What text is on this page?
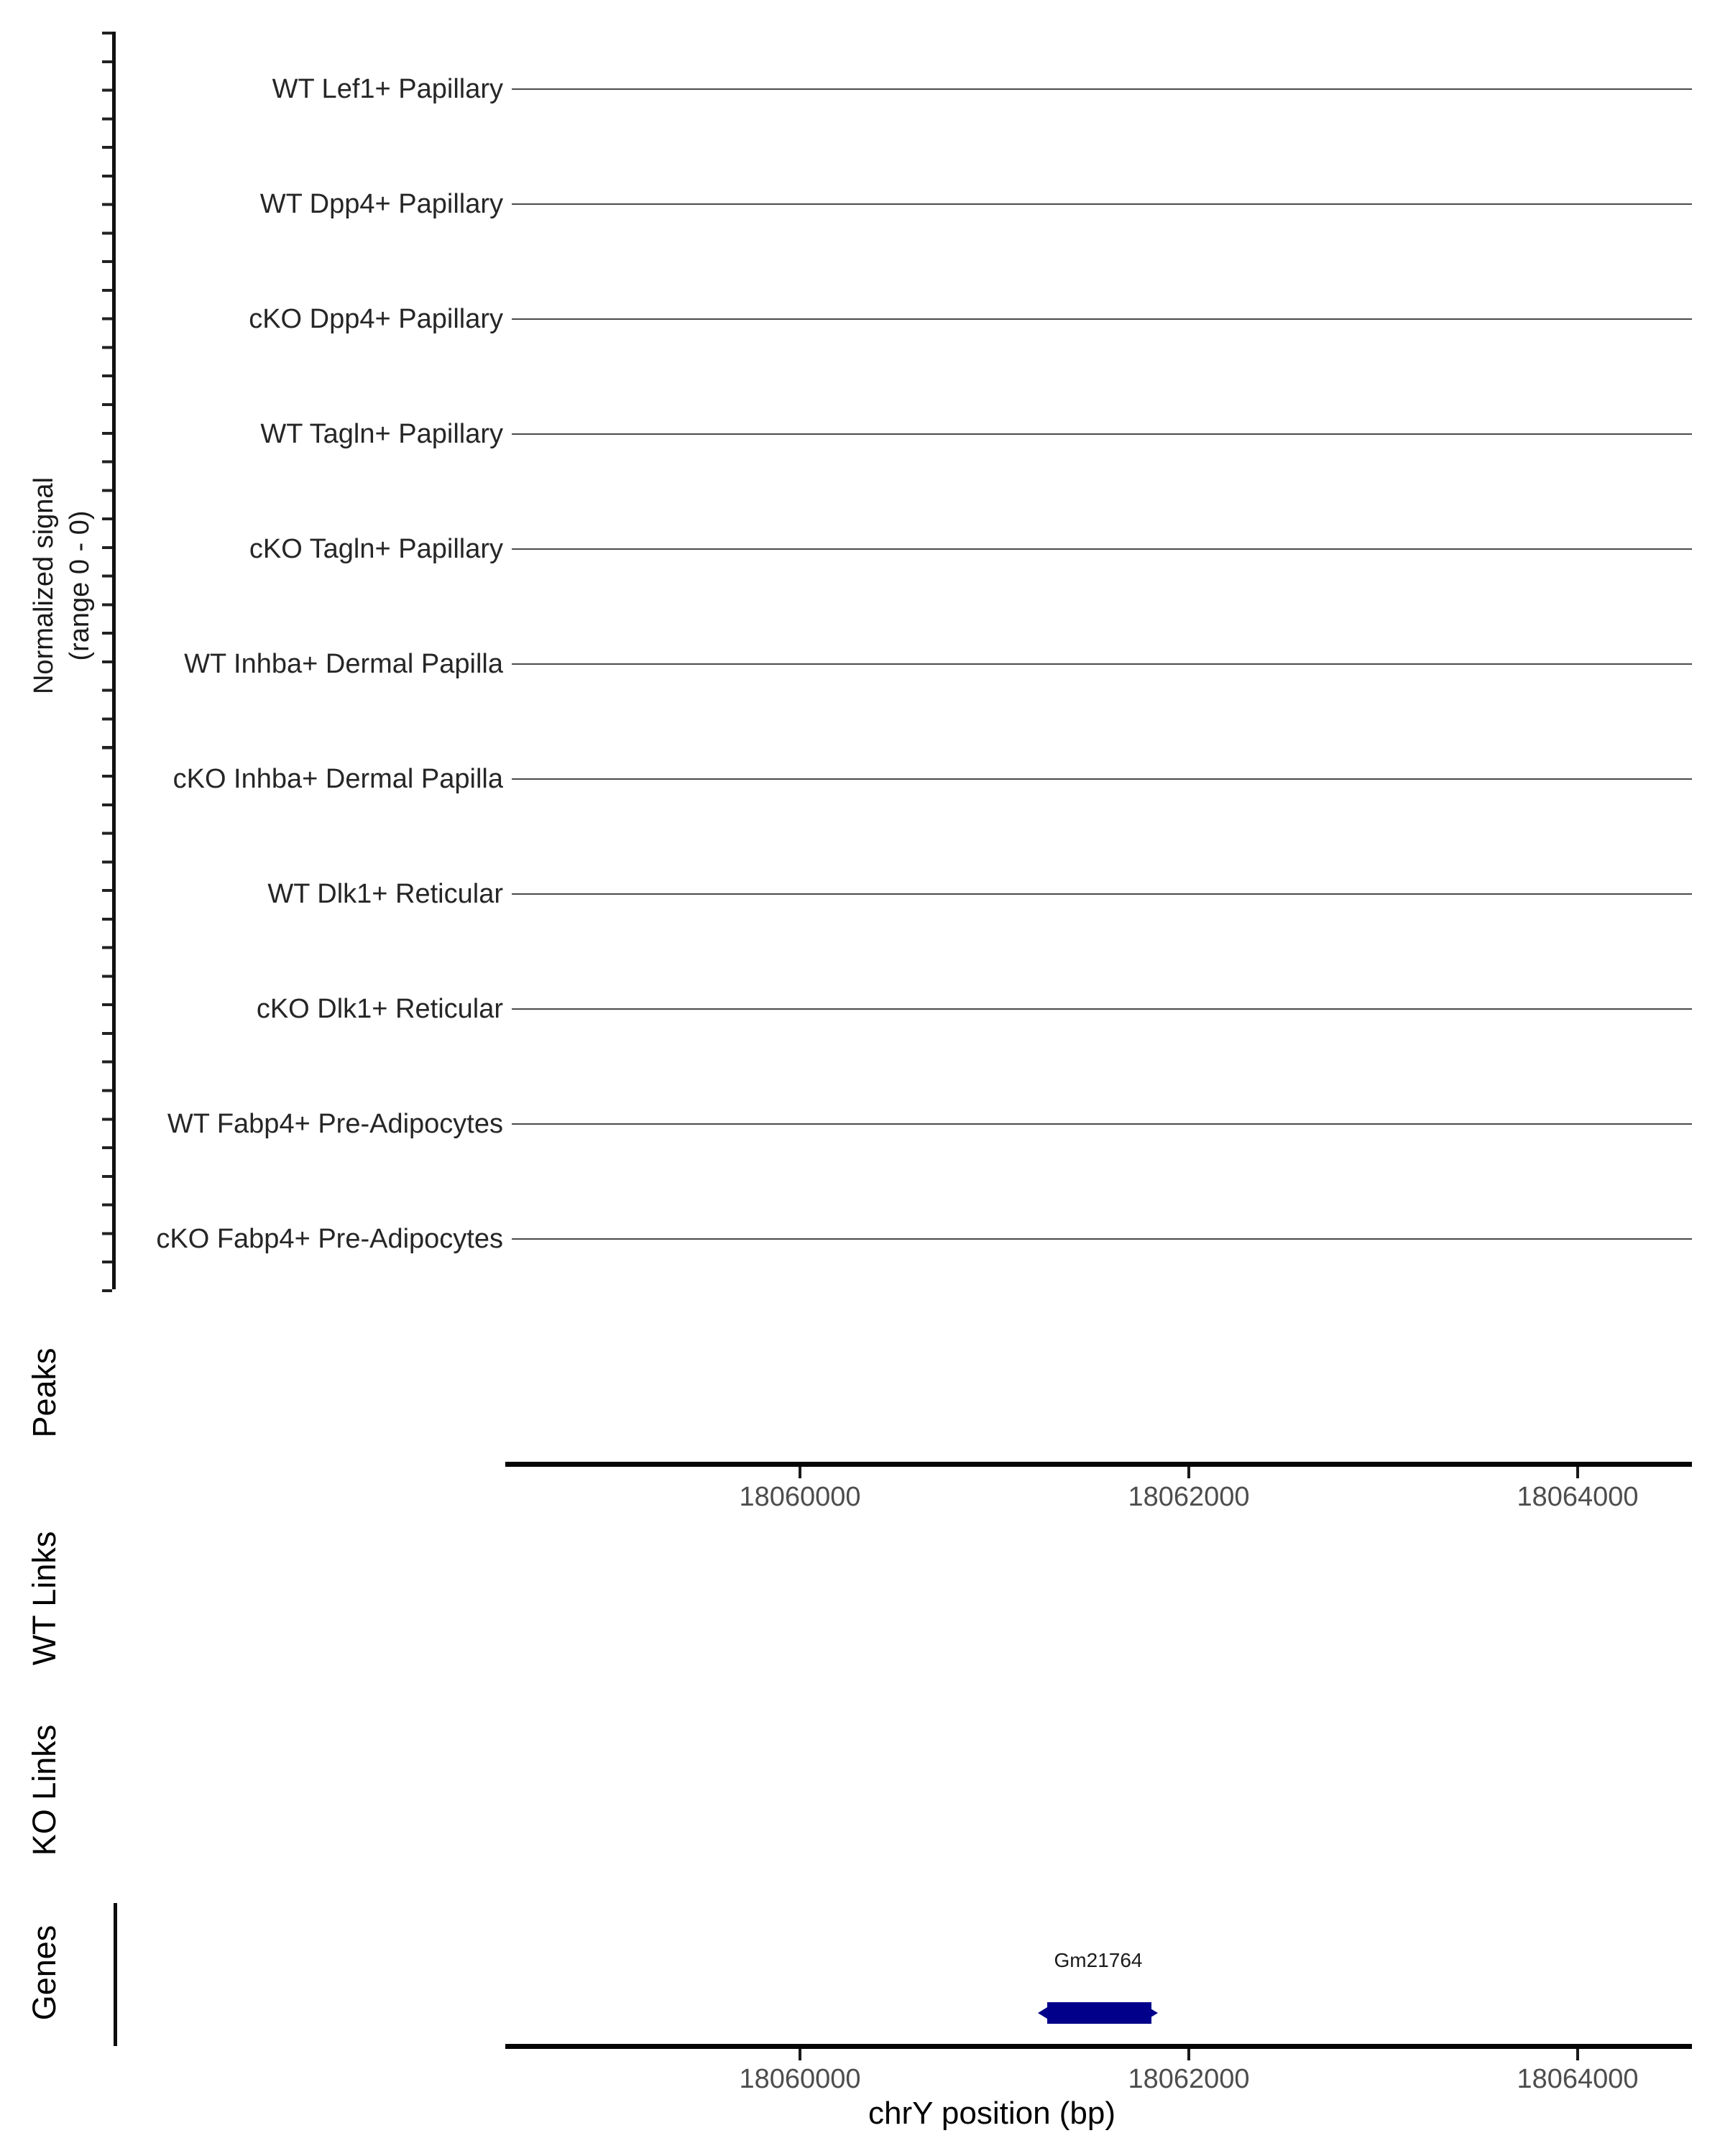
Normalized signal (range 0 - 0)
WT Lef1+ Papillary
WT Dpp4+ Papillary
cKO Dpp4+ Papillary
WT Tagln+ Papillary
cKO Tagln+ Papillary
WT Inhba+ Dermal Papilla
cKO Inhba+ Dermal Papilla
WT Dlk1+ Reticular
cKO Dlk1+ Reticular
WT Fabp4+ Pre-Adipocytes
cKO Fabp4+ Pre-Adipocytes
Peaks
18060000	18062000	18064000
WT Links
KO Links
Genes	Gm21764
18060000	18062000	18064000
chrY position (bp)
